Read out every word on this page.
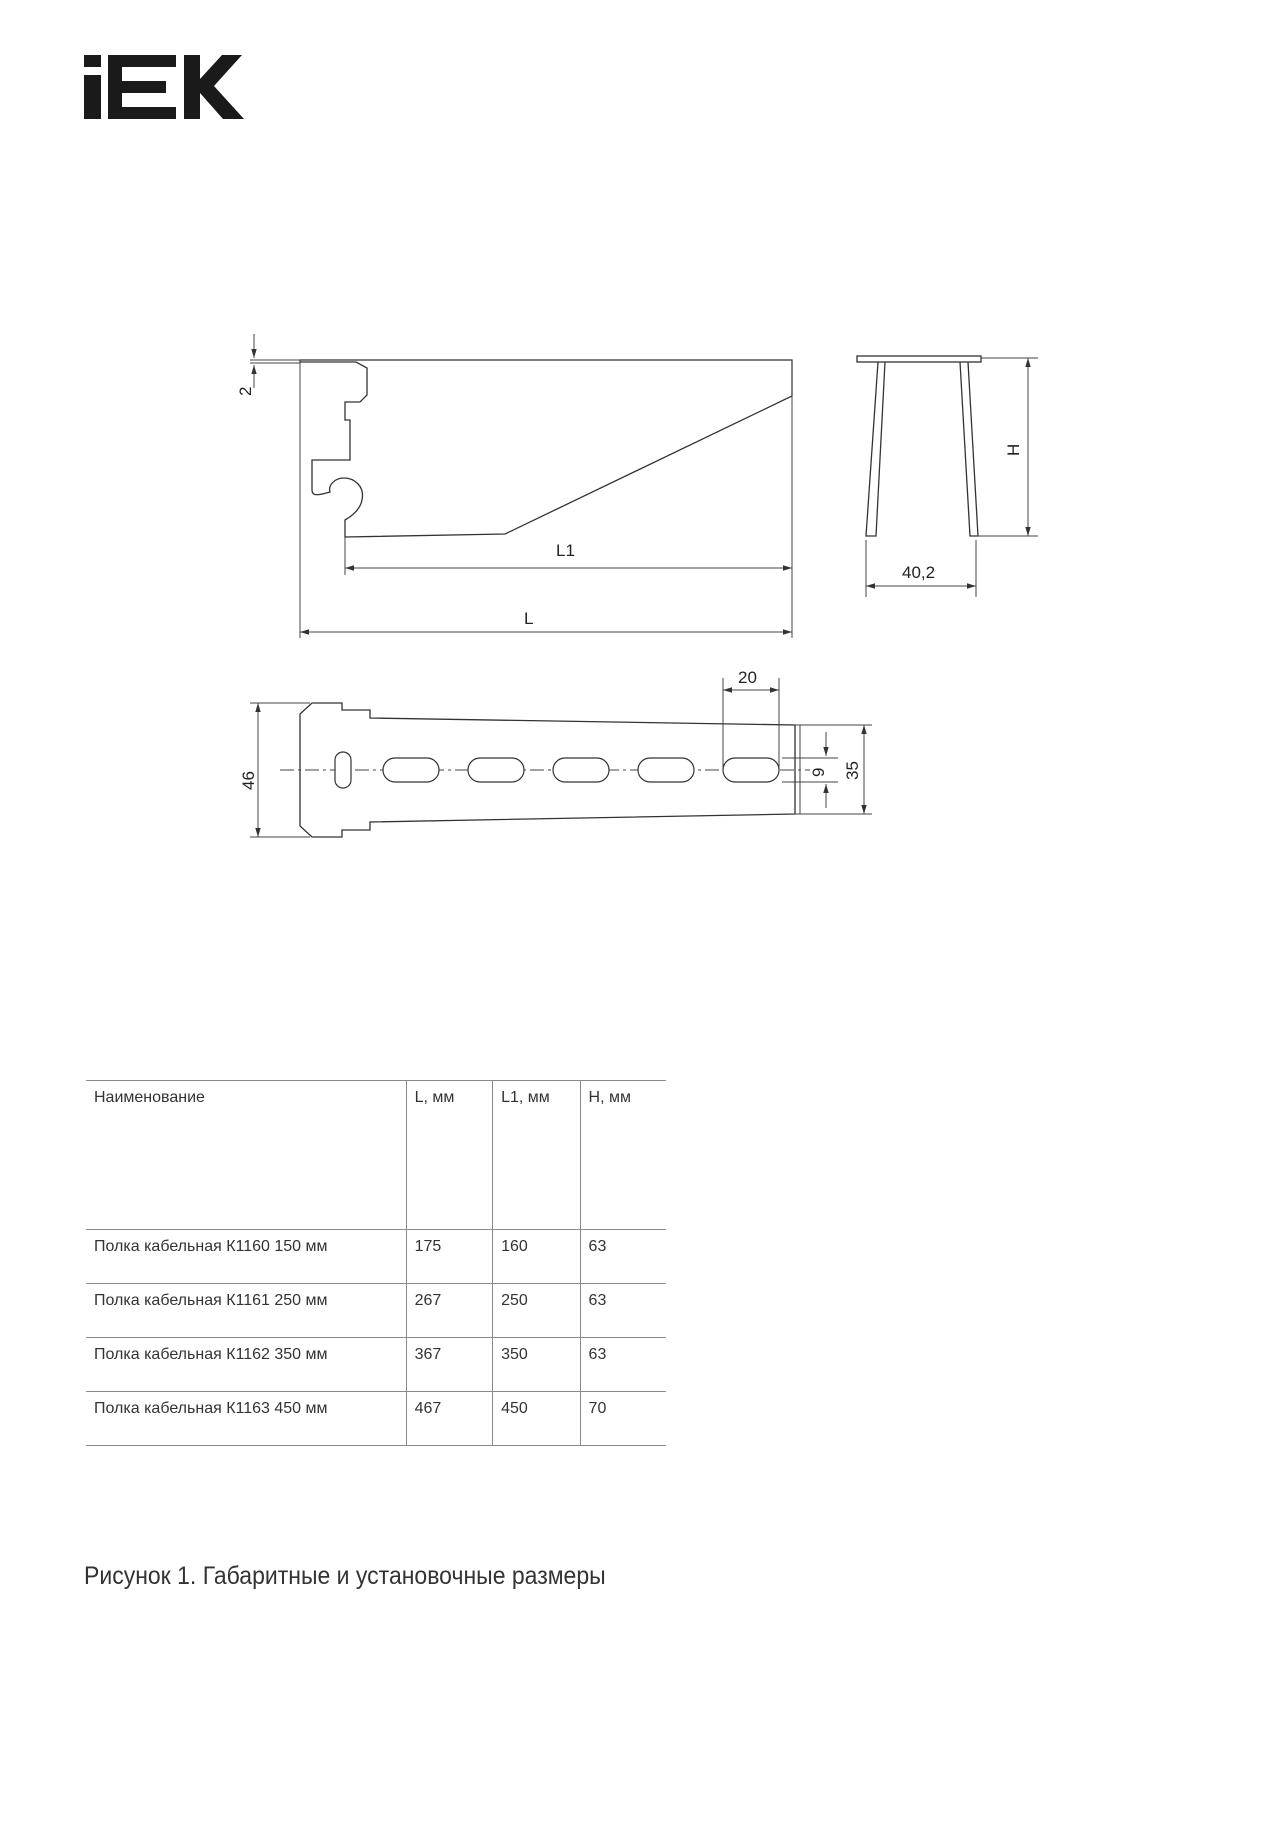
L1
L
2
H
40,2
20
46	9 35
Наименование	L, мм	L1, мм	H, мм
Полка кабельная К1160 150 мм	175	160	63
Полка кабельная К1161 250 мм	267	250	63
Полка кабельная К1162 350 мм	367	350	63
Полка кабельная К1163 450 мм	467	450	70
Рисунок 1. Габаритные и установочные размеры
